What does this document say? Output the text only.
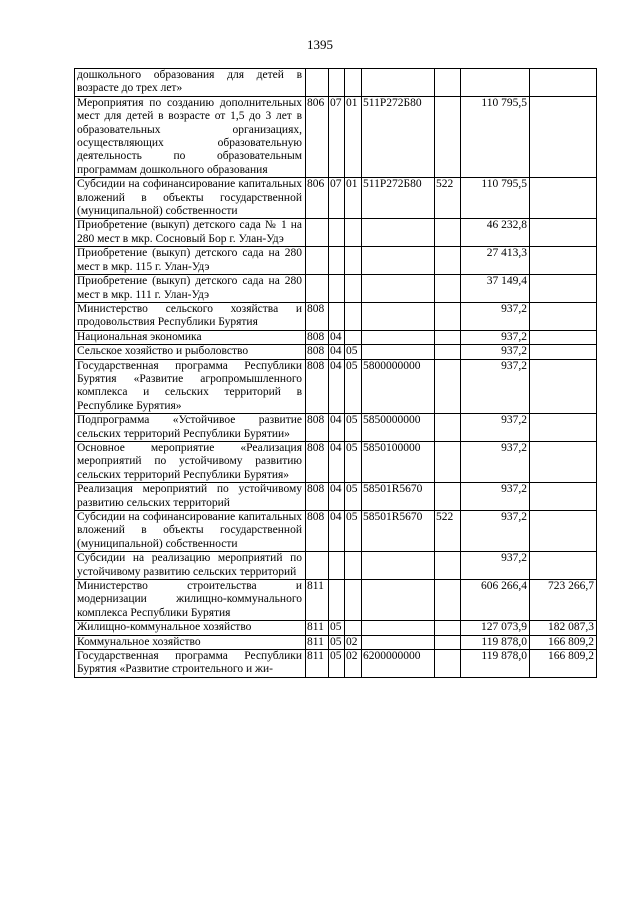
1395
дошкольного образования для детей в возрасте до трех лет»							
Мероприятия по созданию дополнительных мест для детей в возрасте от 1,5 до 3 лет в образовательных организациях, осуществляющих образовательную деятельность по образовательным программам дошкольного образования	806	07	01	511P272Б80		110 795,5	
Субсидии на софинансирование капитальных вложений в объекты государственной (муниципальной) собственности	806	07	01	511P272Б80	522	110 795,5	
Приобретение (выкуп) детского сада № 1 на 280 мест в мкр. Сосновый Бор г. Улан-Удэ						46 232,8	
Приобретение (выкуп) детского сада на 280 мест в мкр. 115 г. Улан-Удэ						27 413,3	
Приобретение (выкуп) детского сада на 280 мест в мкр. 111 г. Улан-Удэ						37 149,4	
Министерство сельского хозяйства и продовольствия Республики Бурятия	808					937,2	
Национальная экономика	808	04				937,2	
Сельское хозяйство и рыболовство	808	04	05			937,2	
Государственная программа Республики Бурятия «Развитие агропромышленного комплекса и сельских территорий в Республике Бурятия»	808	04	05	5800000000		937,2	
Подпрограмма «Устойчивое развитие сельских территорий Республики Бурятии»	808	04	05	5850000000		937,2	
Основное мероприятие «Реализация мероприятий по устойчивому развитию сельских территорий Республики Бурятия»	808	04	05	5850100000		937,2	
Реализация мероприятий по устойчивому развитию сельских территорий	808	04	05	58501R5670		937,2	
Субсидии на софинансирование капитальных вложений в объекты государственной (муниципальной) собственности	808	04	05	58501R5670	522	937,2	
Субсидии на реализацию мероприятий по устойчивому развитию сельских территорий						937,2	
Министерство строительства и модернизации жилищно-коммунального комплекса Республики Бурятия	811					606 266,4	723 266,7
Жилищно-коммунальное хозяйство	811	05				127 073,9	182 087,3
Коммунальное хозяйство	811	05	02			119 878,0	166 809,2
Государственная программа Республики Бурятия «Развитие строительного и жи-	811	05	02	6200000000		119 878,0	166 809,2
